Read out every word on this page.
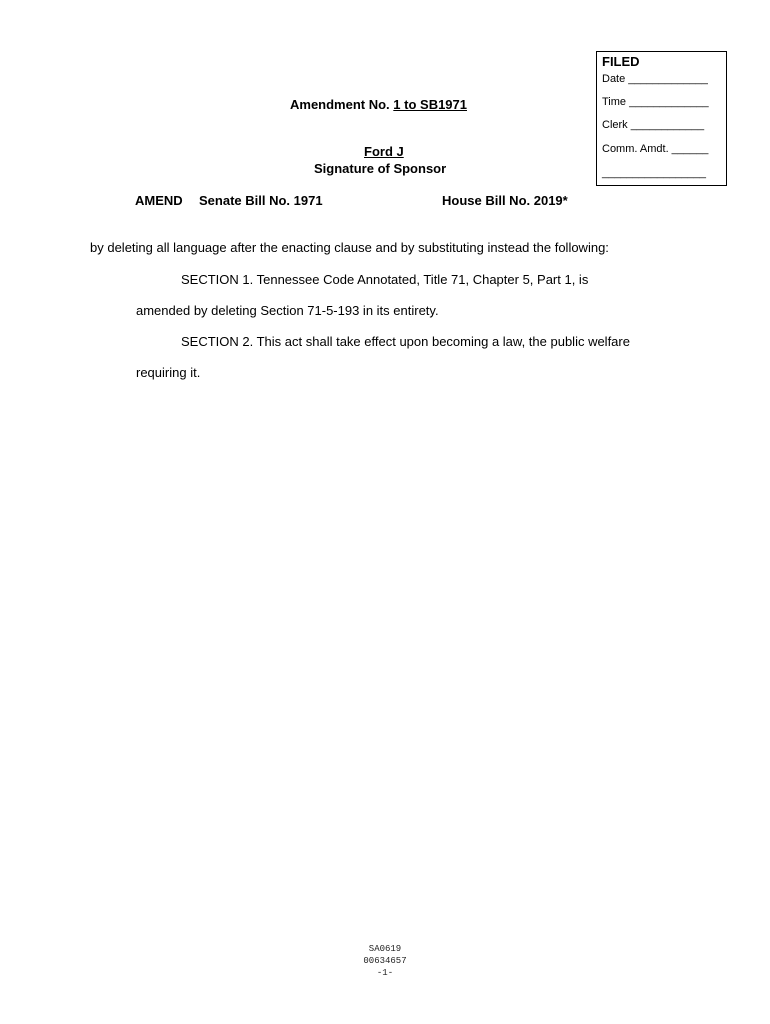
FILED
Date _____________
Time _____________
Clerk ____________
Comm. Amdt. ______
_________________
Amendment No. 1 to SB1971
Ford J
Signature of Sponsor
AMEND Senate Bill No. 1971	House Bill No. 2019*
by deleting all language after the enacting clause and by substituting instead the following:
SECTION 1. Tennessee Code Annotated, Title 71, Chapter 5, Part 1, is
amended by deleting Section 71-5-193 in its entirety.
SECTION 2. This act shall take effect upon becoming a law, the public welfare
requiring it.
SA0619
00634657
-1-
